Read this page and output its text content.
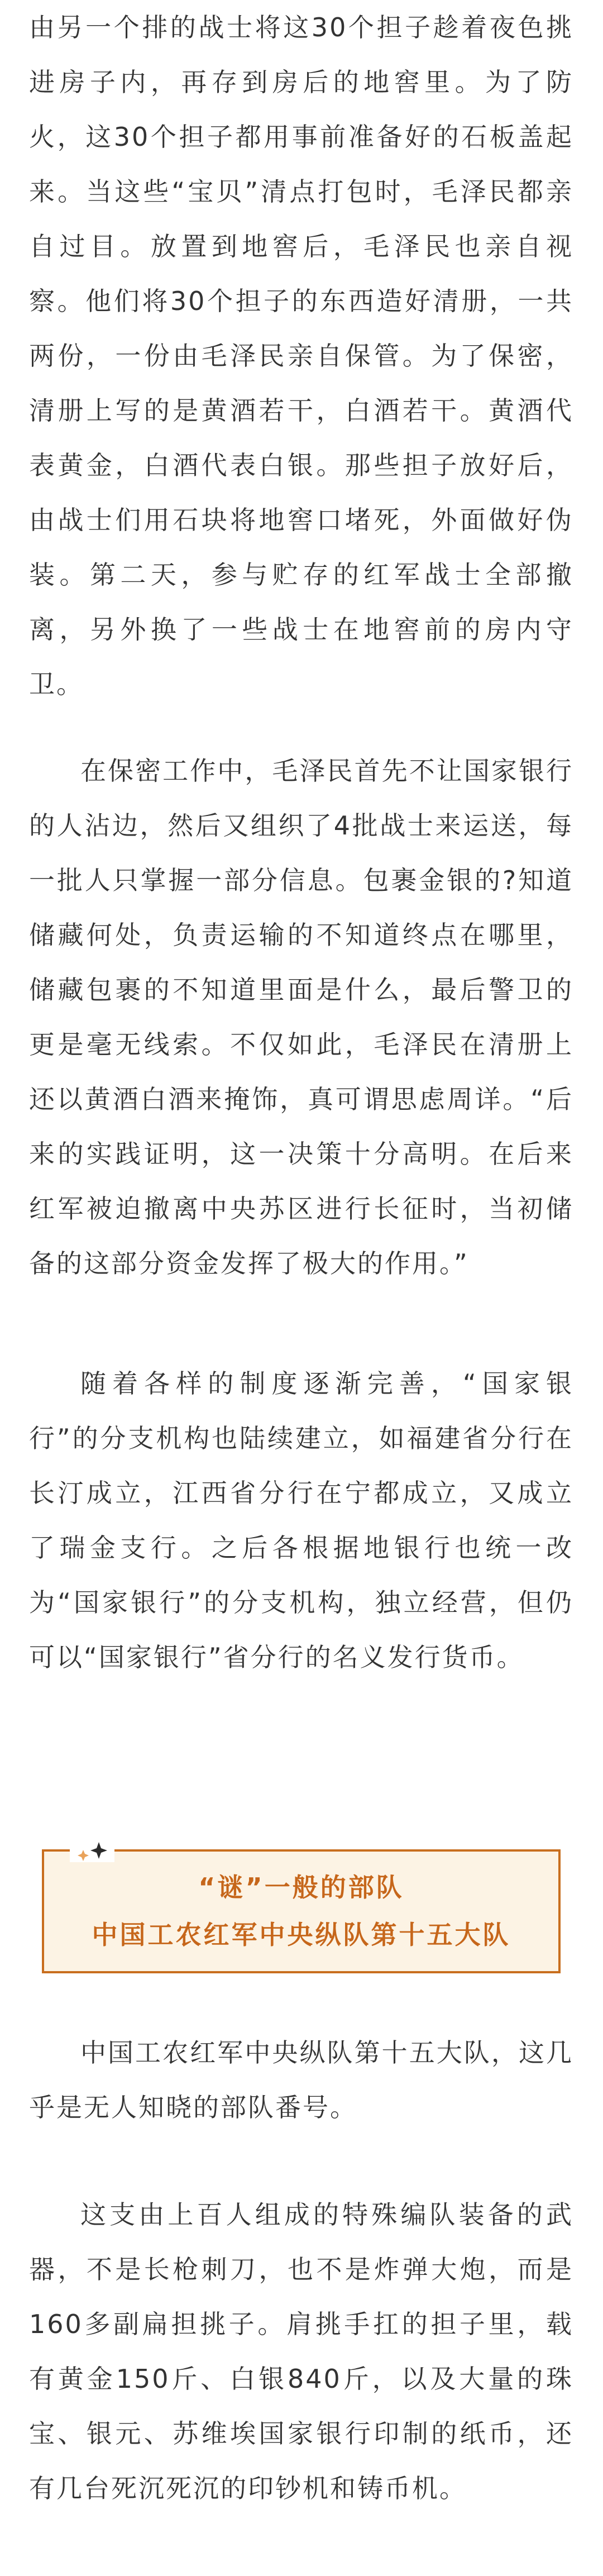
由另一个排的战士将这30个担子趁着夜色挑进房子内，再存到房后的地窖里。为了防火，这30个担子都用事前准备好的石板盖起来。当这些“宝贝”清点打包时，毛泽民都亲自过目。放置到地窖后，毛泽民也亲自视察。他们将30个担子的东西造好清册，一共两份，一份由毛泽民亲自保管。为了保密，清册上写的是黄酒若干，白酒若干。黄酒代表黄金，白酒代表白银。那些担子放好后，由战士们用石块将地窖口堵死，外面做好伪装。第二天，参与贮存的红军战士全部撤离，另外换了一些战士在地窖前的房内守卫。

在保密工作中，毛泽民首先不让国家银行的人沾边，然后又组织了4批战士来运送，每一批人只掌握一部分信息。包裹金银的?知道储藏何处，负责运输的不知道终点在哪里，储藏包裹的不知道里面是什么，最后警卫的更是毫无线索。不仅如此，毛泽民在清册上还以黄酒白酒来掩饰，真可谓思虑周详。“后来的实践证明，这一决策十分高明。在后来红军被迫撤离中央苏区进行长征时，当初储备的这部分资金发挥了极大的作用。”

随着各样的制度逐渐完善，“国家银行”的分支机构也陆续建立，如福建省分行在长汀成立，江西省分行在宁都成立，又成立了瑞金支行。之后各根据地银行也统一改为“国家银行”的分支机构，独立经营，但仍可以“国家银行”省分行的名义发行货币。

“谜”一般的部队
中国工农红军中央纵队第十五大队

中国工农红军中央纵队第十五大队，这几乎是无人知晓的部队番号。

这支由上百人组成的特殊编队装备的武器，不是长枪刺刀，也不是炸弹大炮，而是160多副扁担挑子。肩挑手扛的担子里，载有黄金150斤、白银840斤，以及大量的珠宝、银元、苏维埃国家银行印制的纸币，还有几台死沉死沉的印钞机和铸币机。
